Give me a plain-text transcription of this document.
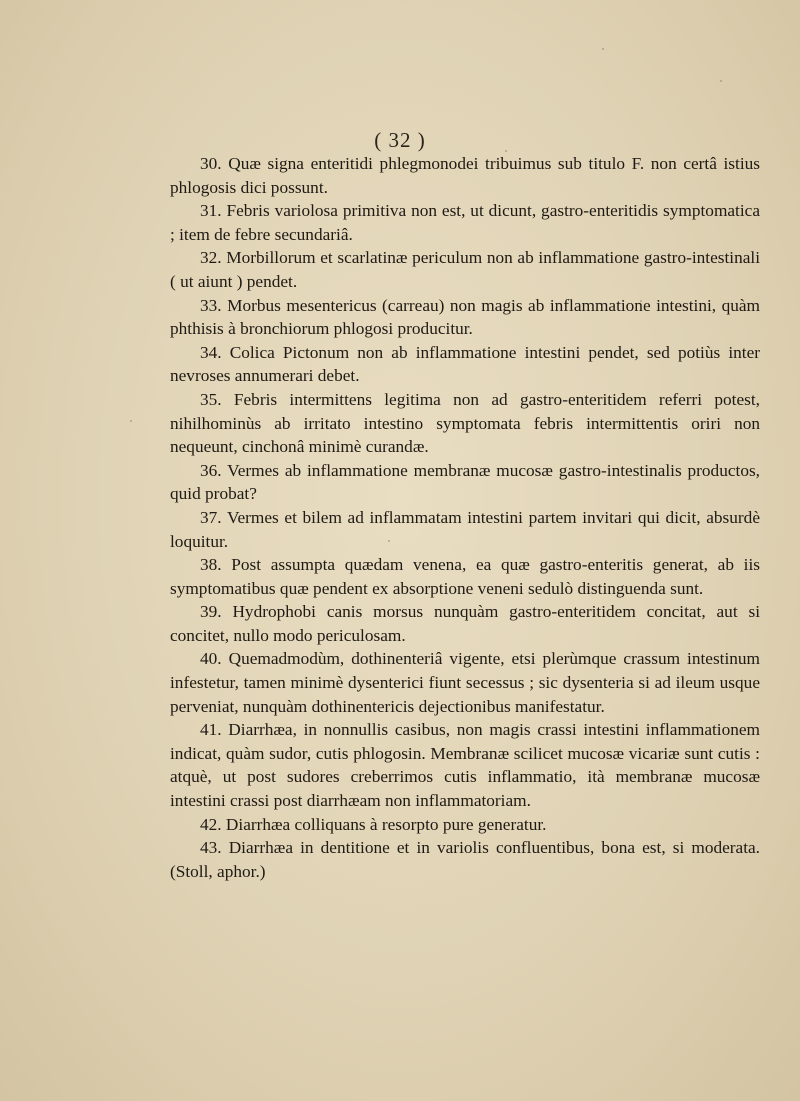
( 32 )

30. Quæ signa enteritidi phlegmonodei tribuimus sub titulo F. non certâ istius phlogosis dici possunt.

31. Febris variolosa primitiva non est, ut dicunt, gastro-enteritidis symptomatica ; item de febre secundariâ.

32. Morbillorum et scarlatinæ periculum non ab inflammatione gastro-intestinali ( ut aiunt ) pendet.

33. Morbus mesentericus (carreau) non magis ab inflammatione intestini, quàm phthisis à bronchiorum phlogosi producitur.

34. Colica Pictonum non ab inflammatione intestini pendet, sed potiùs inter nevroses annumerari debet.

35. Febris intermittens legitima non ad gastro-enteritidem referri potest, nihilhominùs ab irritato intestino symptomata febris intermittentis oriri non nequeunt, cinchonâ minimè curandæ.

36. Vermes ab inflammatione membranæ mucosæ gastro-intestinalis productos, quid probat?

37. Vermes et bilem ad inflammatam intestini partem invitari qui dicit, absurdè loquitur.

38. Post assumpta quædam venena, ea quæ gastro-enteritis generat, ab iis symptomatibus quæ pendent ex absorptione veneni sedulò distinguenda sunt.

39. Hydrophobi canis morsus nunquàm gastro-enteritidem concitat, aut si concitet, nullo modo periculosam.

40. Quemadmodùm, dothinenteriâ vigente, etsi plerùmque crassum intestinum infestetur, tamen minimè dysenterici fiunt secessus ; sic dysenteria si ad ileum usque perveniat, nunquàm dothinentericis dejectionibus manifestatur.

41. Diarrhæa, in nonnullis casibus, non magis crassi intestini inflammationem indicat, quàm sudor, cutis phlogosin. Membranæ scilicet mucosæ vicariæ sunt cutis : atquè, ut post sudores creberrimos cutis inflammatio, ità membranæ mucosæ intestini crassi post diarrhæam non inflammatoriam.

42. Diarrhæa colliquans à resorpto pure generatur.

43. Diarrhæa in dentitione et in variolis confluentibus, bona est, si moderata. (Stoll, aphor.)
